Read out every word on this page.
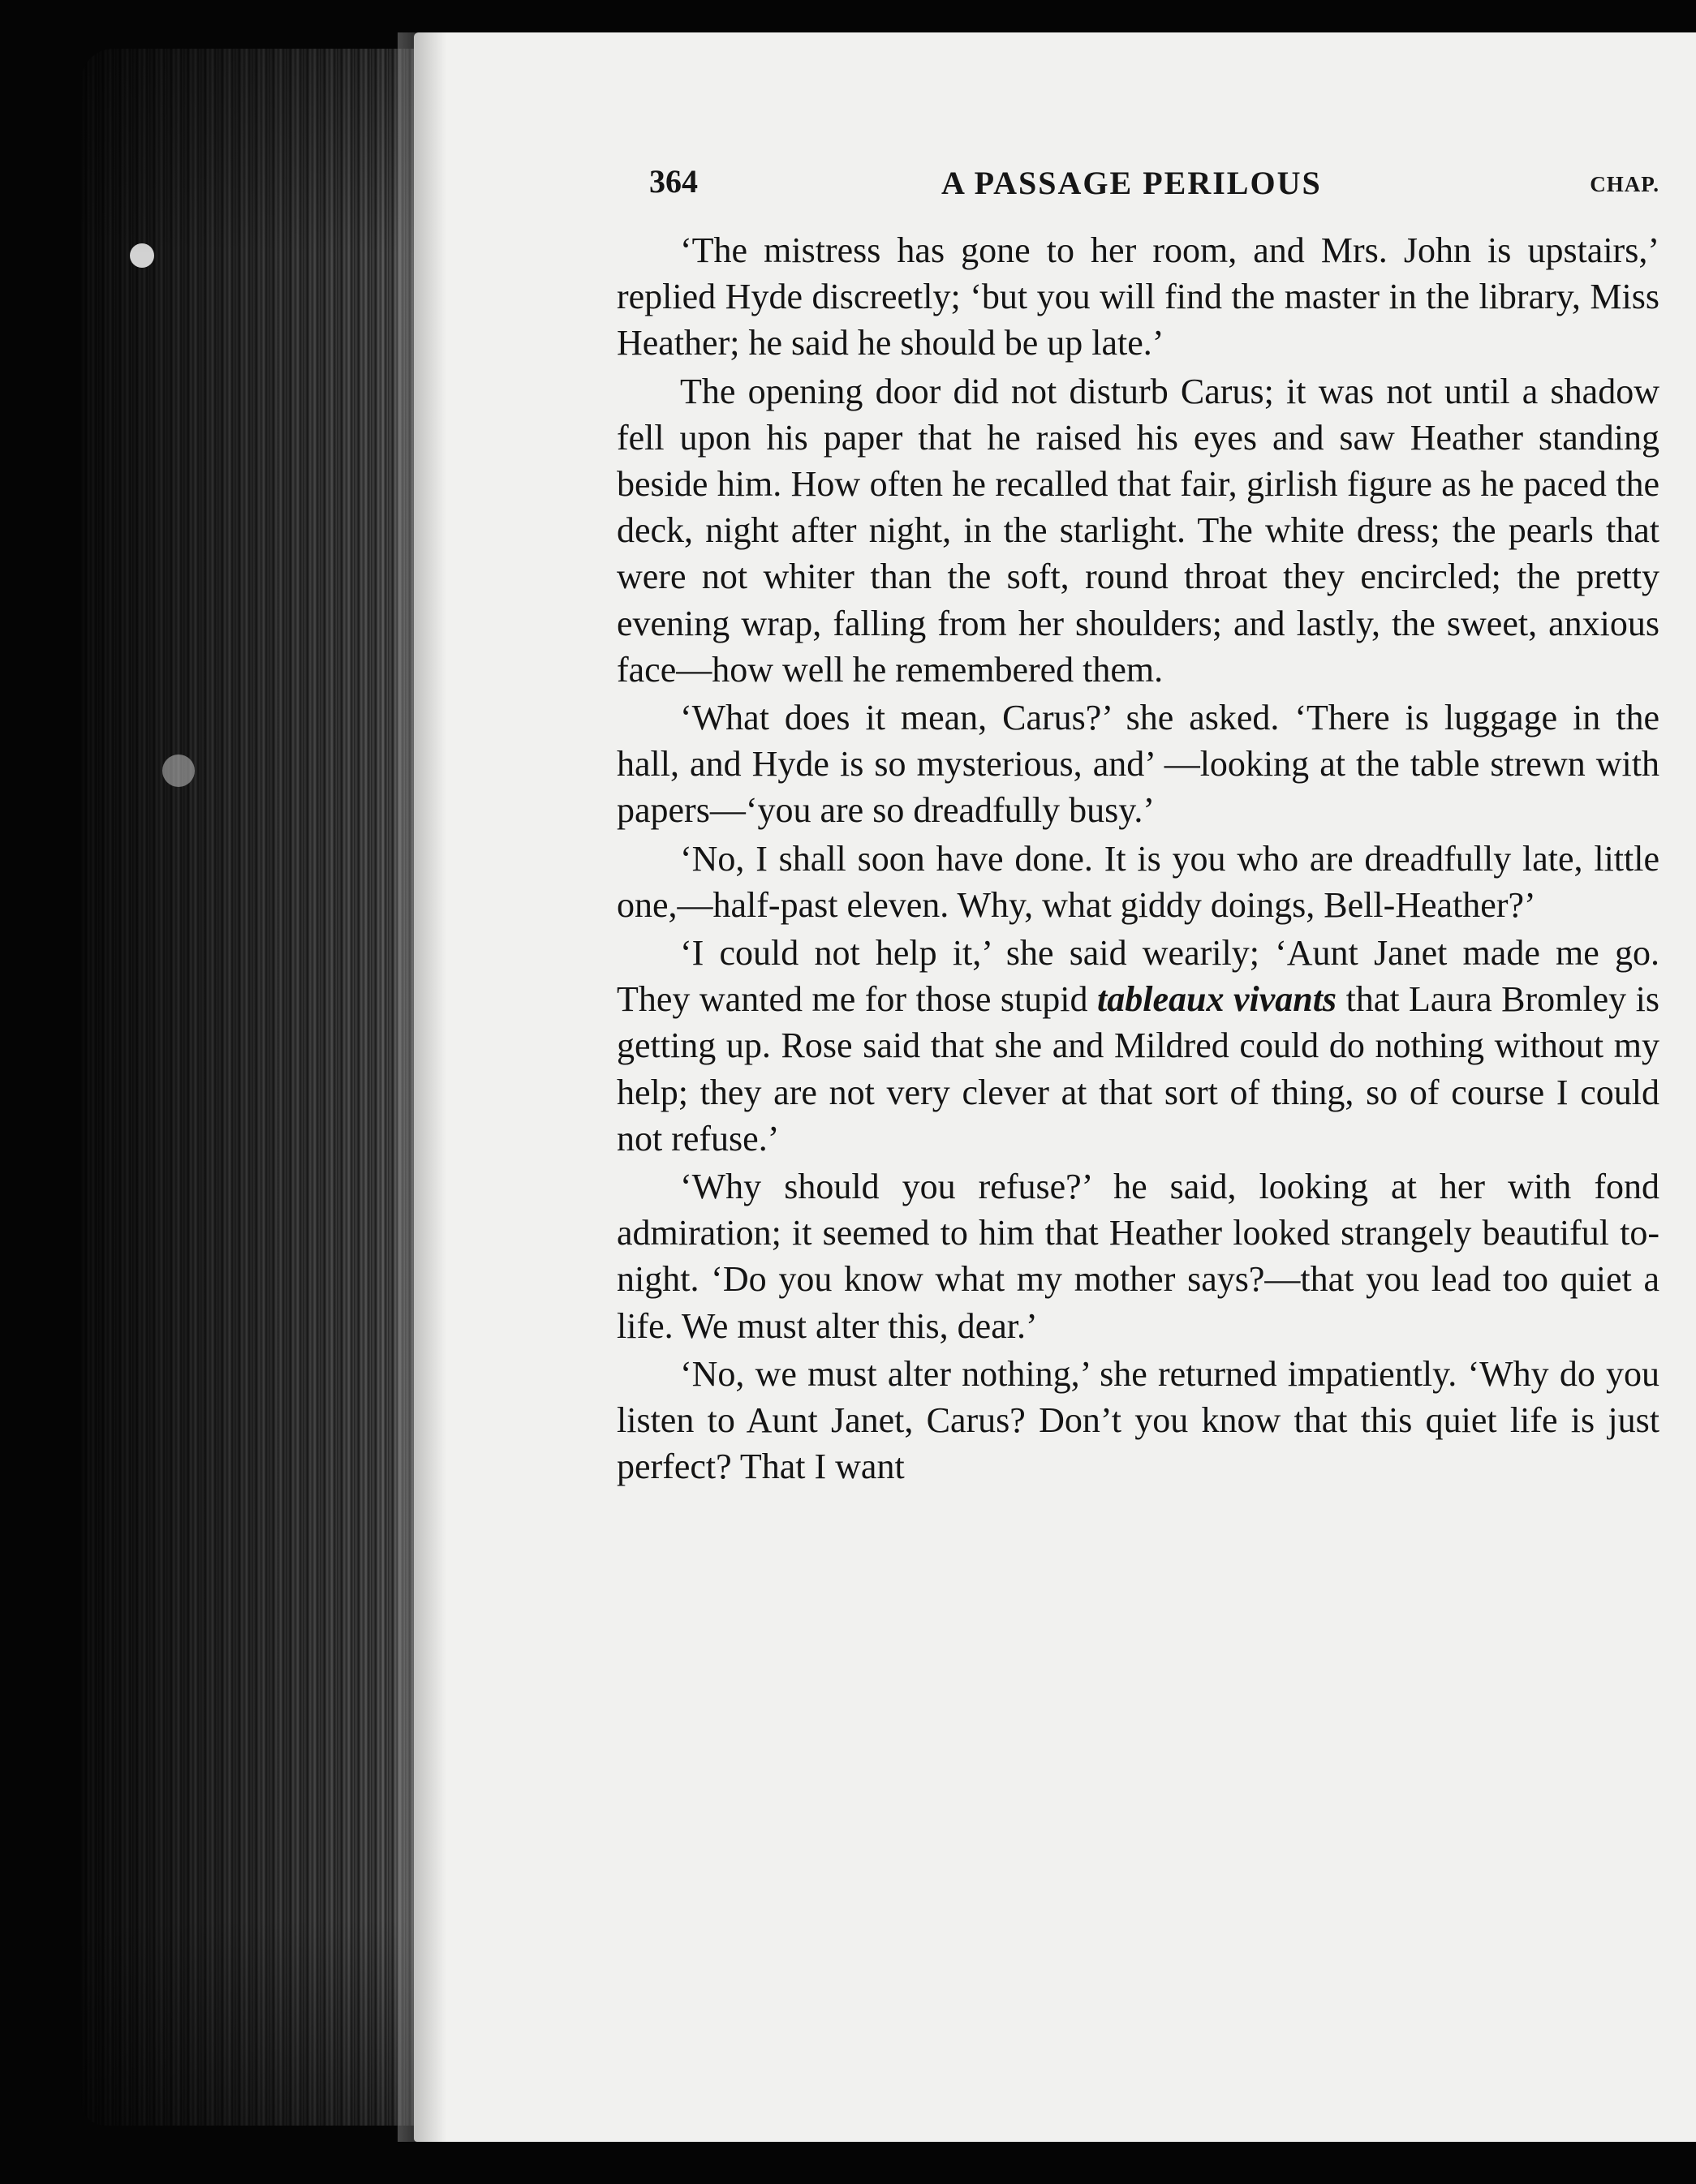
364	A PASSAGE PERILOUS	CHAP.

‘The mistress has gone to her room, and Mrs. John is upstairs,’ replied Hyde discreetly; ‘but you will find the master in the library, Miss Heather; he said he should be up late.’

The opening door did not disturb Carus; it was not until a shadow fell upon his paper that he raised his eyes and saw Heather standing beside him. How often he recalled that fair, girlish figure as he paced the deck, night after night, in the starlight. The white dress; the pearls that were not whiter than the soft, round throat they encircled; the pretty evening wrap, falling from her shoulders; and lastly, the sweet, anxious face—how well he remembered them.

‘What does it mean, Carus?’ she asked. ‘There is luggage in the hall, and Hyde is so mysterious, and’ —looking at the table strewn with papers—‘you are so dreadfully busy.’

‘No, I shall soon have done. It is you who are dreadfully late, little one,—half-past eleven. Why, what giddy doings, Bell-Heather?’

‘I could not help it,’ she said wearily; ‘Aunt Janet made me go. They wanted me for those stupid tableaux vivants that Laura Bromley is getting up. Rose said that she and Mildred could do nothing without my help; they are not very clever at that sort of thing, so of course I could not refuse.’

‘Why should you refuse?’ he said, looking at her with fond admiration; it seemed to him that Heather looked strangely beautiful to-night. ‘Do you know what my mother says?—that you lead too quiet a life. We must alter this, dear.’

‘No, we must alter nothing,’ she returned impatiently. ‘Why do you listen to Aunt Janet, Carus? Don’t you know that this quiet life is just perfect? That I want
